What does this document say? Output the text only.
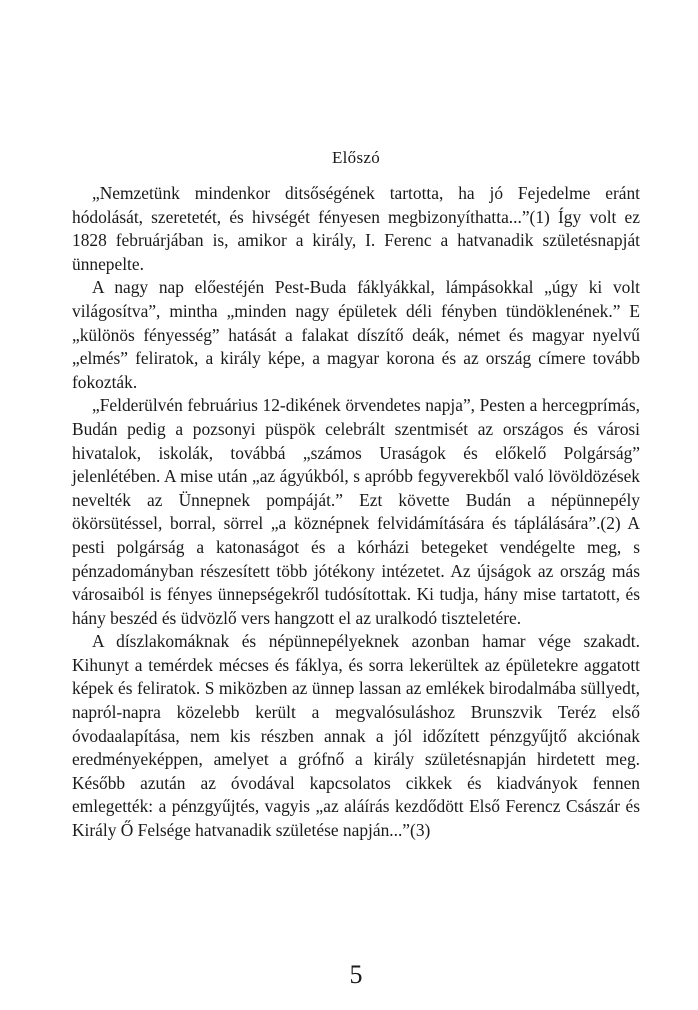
Előszó

„Nemzetünk mindenkor ditsőségének tartotta, ha jó Fejedelme eránt hódolását, szeretetét, és hivségét fényesen megbizonyíthatta...”(1) Így volt ez 1828 februárjában is, amikor a király, I. Ferenc a hatvanadik születésnapját ünnepelte.

A nagy nap előestéjén Pest-Buda fáklyákkal, lámpásokkal „úgy ki volt világosítva”, mintha „minden nagy épületek déli fényben tündöklenének.” E „különös fényesség” hatását a falakat díszítő deák, német és magyar nyelvű „elmés” feliratok, a király képe, a magyar korona és az ország címere tovább fokozták.

„Felderülvén februárius 12-dikének örvendetes napja”, Pesten a hercegprímás, Budán pedig a pozsonyi püspök celebrált szentmisét az országos és városi hivatalok, iskolák, továbbá „számos Uraságok és előkelő Polgárság” jelenlétében. A mise után „az ágyúkból, s apróbb fegyverekből való lövöldözések nevelték az Ünnepnek pompáját.” Ezt követte Budán a népünnepély ökörsütéssel, borral, sörrel „a köznépnek felvidámítására és táplálására”.(2) A pesti polgárság a katonaságot és a kórházi betegeket vendégelte meg, s pénzadományban részesített több jótékony intézetet. Az újságok az ország más városaiból is fényes ünnepségekről tudósítottak. Ki tudja, hány mise tartatott, és hány beszéd és üdvözlő vers hangzott el az uralkodó tiszteletére.

A díszlakomáknak és népünnepélyeknek azonban hamar vége szakadt. Kihunyt a temérdek mécses és fáklya, és sorra lekerültek az épületekre aggatott képek és feliratok. S miközben az ünnep lassan az emlékek birodalmába süllyedt, napról-napra közelebb került a megvalósuláshoz Brunszvik Teréz első óvodaalapítása, nem kis részben annak a jól időzített pénzgyűjtő akciónak eredményeképpen, amelyet a grófnő a király születésnapján hirdetett meg. Később azután az óvodával kapcsolatos cikkek és kiadványok fennen emlegették: a pénzgyűjtés, vagyis „az aláírás kezdődött Első Ferencz Császár és Király Ő Felsége hatvanadik születése napján...”(3)

5
